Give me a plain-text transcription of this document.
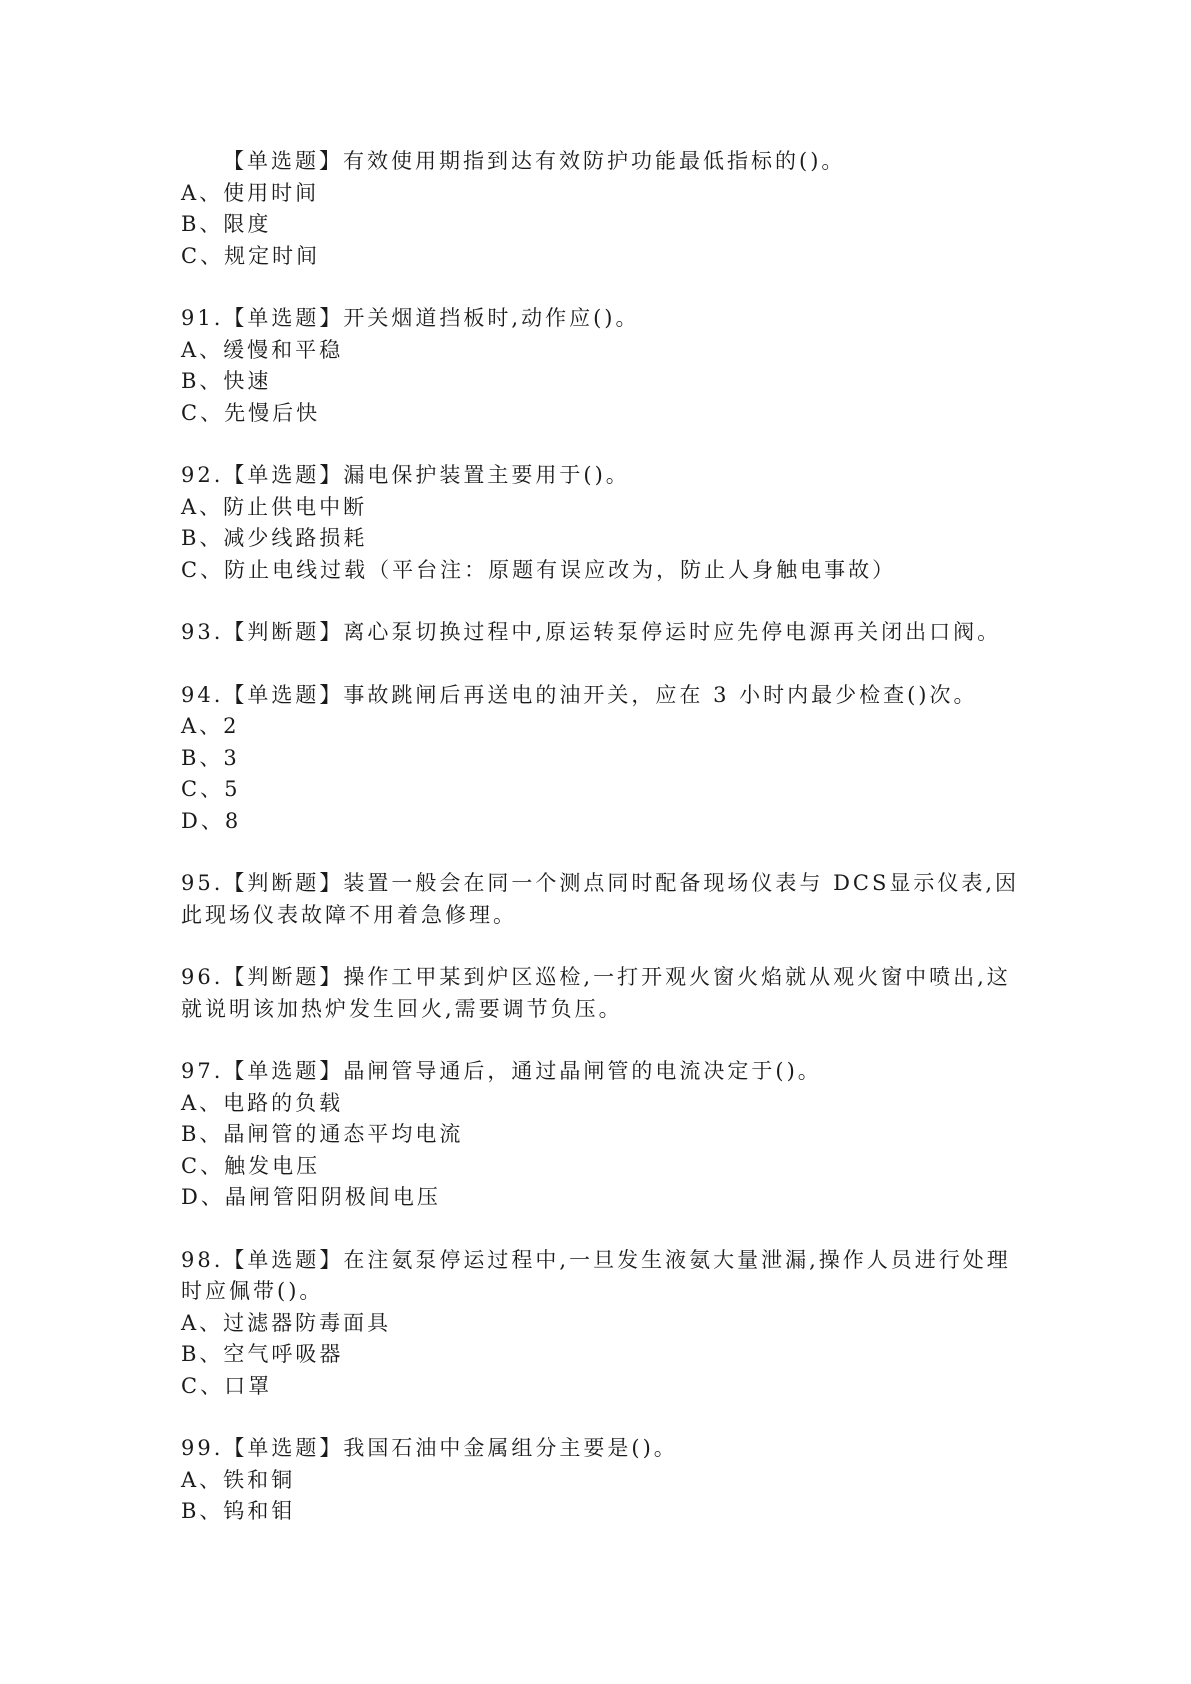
【单选题】有效使用期指到达有效防护功能最低指标的()。
A、使用时间
B、限度
C、规定时间
91.【单选题】开关烟道挡板时,动作应()。
A、缓慢和平稳
B、快速
C、先慢后快
92.【单选题】漏电保护装置主要用于()。
A、防止供电中断
B、减少线路损耗
C、防止电线过载（平台注：原题有误应改为，防止人身触电事故）
93.【判断题】离心泵切换过程中,原运转泵停运时应先停电源再关闭出口阀。
94.【单选题】事故跳闸后再送电的油开关，应在 3 小时内最少检查()次。
A、2
B、3
C、5
D、8
95.【判断题】装置一般会在同一个测点同时配备现场仪表与 DCS显示仪表,因此现场仪表故障不用着急修理。
96.【判断题】操作工甲某到炉区巡检,一打开观火窗火焰就从观火窗中喷出,这就说明该加热炉发生回火,需要调节负压。
97.【单选题】晶闸管导通后，通过晶闸管的电流决定于()。
A、电路的负载
B、晶闸管的通态平均电流
C、触发电压
D、晶闸管阳阴极间电压
98.【单选题】在注氨泵停运过程中,一旦发生液氨大量泄漏,操作人员进行处理时应佩带()。
A、过滤器防毒面具
B、空气呼吸器
C、口罩
99.【单选题】我国石油中金属组分主要是()。
A、铁和铜
B、钨和钼
